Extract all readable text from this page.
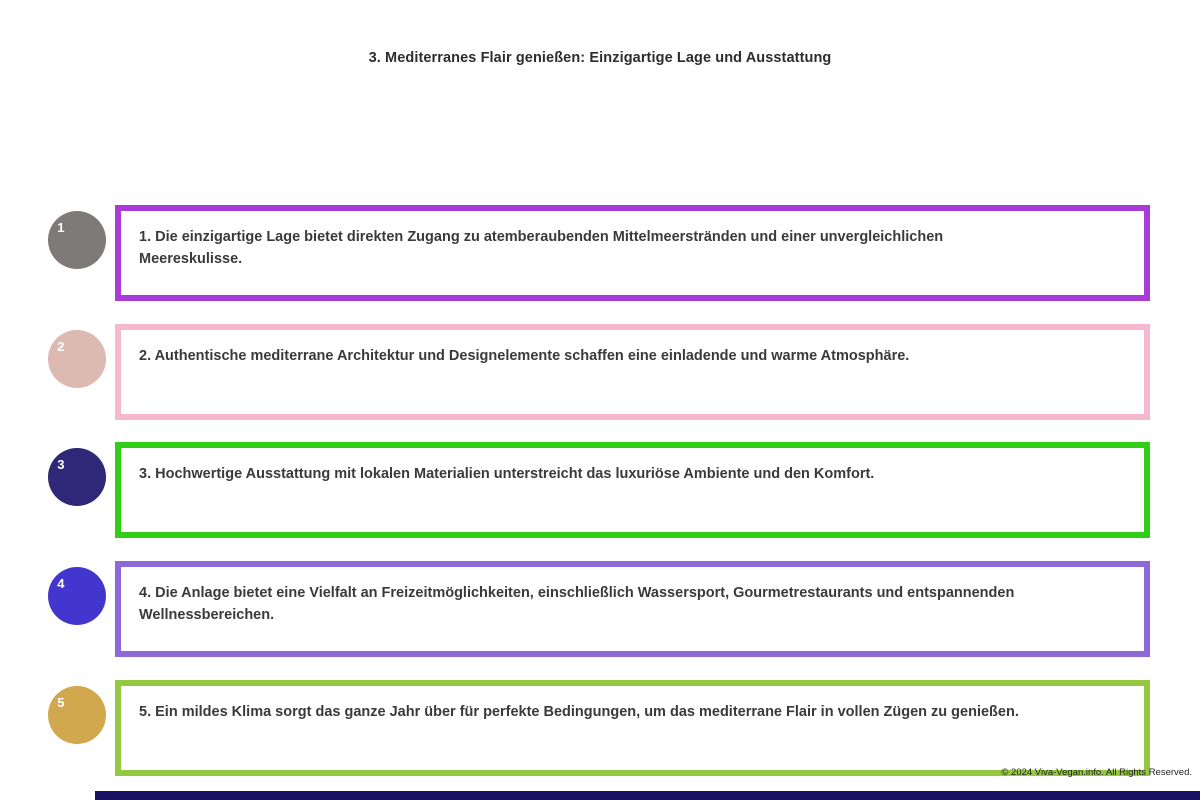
3. Mediterranes Flair genießen: Einzigartige Lage und Ausstattung
1

1. Die einzigartige Lage bietet direkten Zugang zu atemberaubenden Mittelmeerstränden und einer unvergleichlichen Meereskulisse.

2

2. Authentische mediterrane Architektur und Designelemente schaffen eine einladende und warme Atmosphäre.

3

3. Hochwertige Ausstattung mit lokalen Materialien unterstreicht das luxuriöse Ambiente und den Komfort.

4

4. Die Anlage bietet eine Vielfalt an Freizeitmöglichkeiten, einschließlich Wassersport, Gourmetrestaurants und entspannenden Wellnessbereichen.

5

5. Ein mildes Klima sorgt das ganze Jahr über für perfekte Bedingungen, um das mediterrane Flair in vollen Zügen zu genießen.

© 2024 Viva-Vegan.info. All Rights Reserved.
